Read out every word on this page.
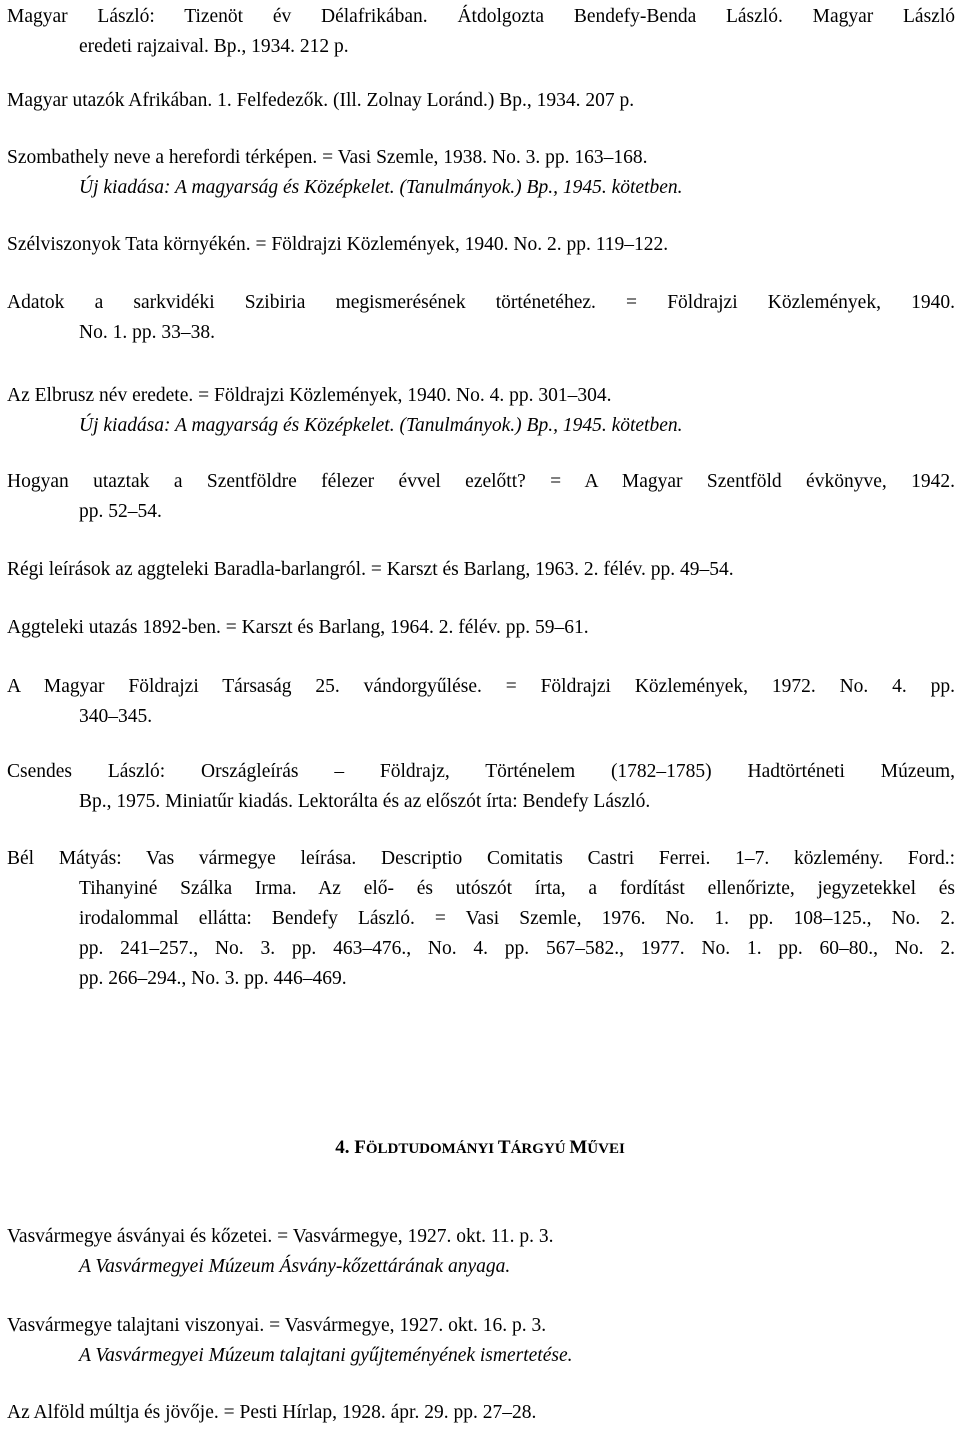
Magyar László: Tizenöt év Délafrikában. Átdolgozta Bendefy-Benda László. Magyar László
eredeti rajzaival. Bp., 1934. 212 p.
Magyar utazók Afrikában. 1. Felfedezők. (Ill. Zolnay Loránd.) Bp., 1934. 207 p.
Szombathely neve a herefordi térképen. = Vasi Szemle, 1938. No. 3. pp. 163–168.
Új kiadása: A magyarság és Középkelet. (Tanulmányok.) Bp., 1945. kötetben.
Szélviszonyok Tata környékén. = Földrajzi Közlemények, 1940. No. 2. pp. 119–122.
Adatok a sarkvidéki Szibiria megismerésének történetéhez. = Földrajzi Közlemények, 1940.
No. 1. pp. 33–38.
Az Elbrusz név eredete. = Földrajzi Közlemények, 1940. No. 4. pp. 301–304.
Új kiadása: A magyarság és Középkelet. (Tanulmányok.) Bp., 1945. kötetben.
Hogyan utaztak a Szentföldre félezer évvel ezelőtt? = A Magyar Szentföld évkönyve, 1942.
pp. 52–54.
Régi leírások az aggteleki Baradla-barlangról. = Karszt és Barlang, 1963. 2. félév. pp. 49–54.
Aggteleki utazás 1892-ben. = Karszt és Barlang, 1964. 2. félév. pp. 59–61.
A Magyar Földrajzi Társaság 25. vándorgyűlése. = Földrajzi Közlemények, 1972. No. 4. pp.
340–345.
Csendes László: Országleírás – Földrajz, Történelem (1782–1785) Hadtörténeti Múzeum,
Bp., 1975. Miniatűr kiadás. Lektorálta és az előszót írta: Bendefy László.
Bél Mátyás: Vas vármegye leírása. Descriptio Comitatis Castri Ferrei. 1–7. közlemény. Ford.:
Tihanyiné Szálka Irma. Az elő- és utószót írta, a fordítást ellenőrizte, jegyzetekkel és
irodalommal ellátta: Bendefy László. = Vasi Szemle, 1976. No. 1. pp. 108–125., No. 2.
pp. 241–257., No. 3. pp. 463–476., No. 4. pp. 567–582., 1977. No. 1. pp. 60–80., No. 2.
pp. 266–294., No. 3. pp. 446–469.
4. FÖLDTUDOMÁNYI TÁRGYÚ MŰVEI
Vasvármegye ásványai és kőzetei. = Vasvármegye, 1927. okt. 11. p. 3.
A Vasvármegyei Múzeum Ásvány-kőzettárának anyaga.
Vasvármegye talajtani viszonyai. = Vasvármegye, 1927. okt. 16. p. 3.
A Vasvármegyei Múzeum talajtani gyűjteményének ismertetése.
Az Alföld múltja és jövője. = Pesti Hírlap, 1928. ápr. 29. pp. 27–28.
